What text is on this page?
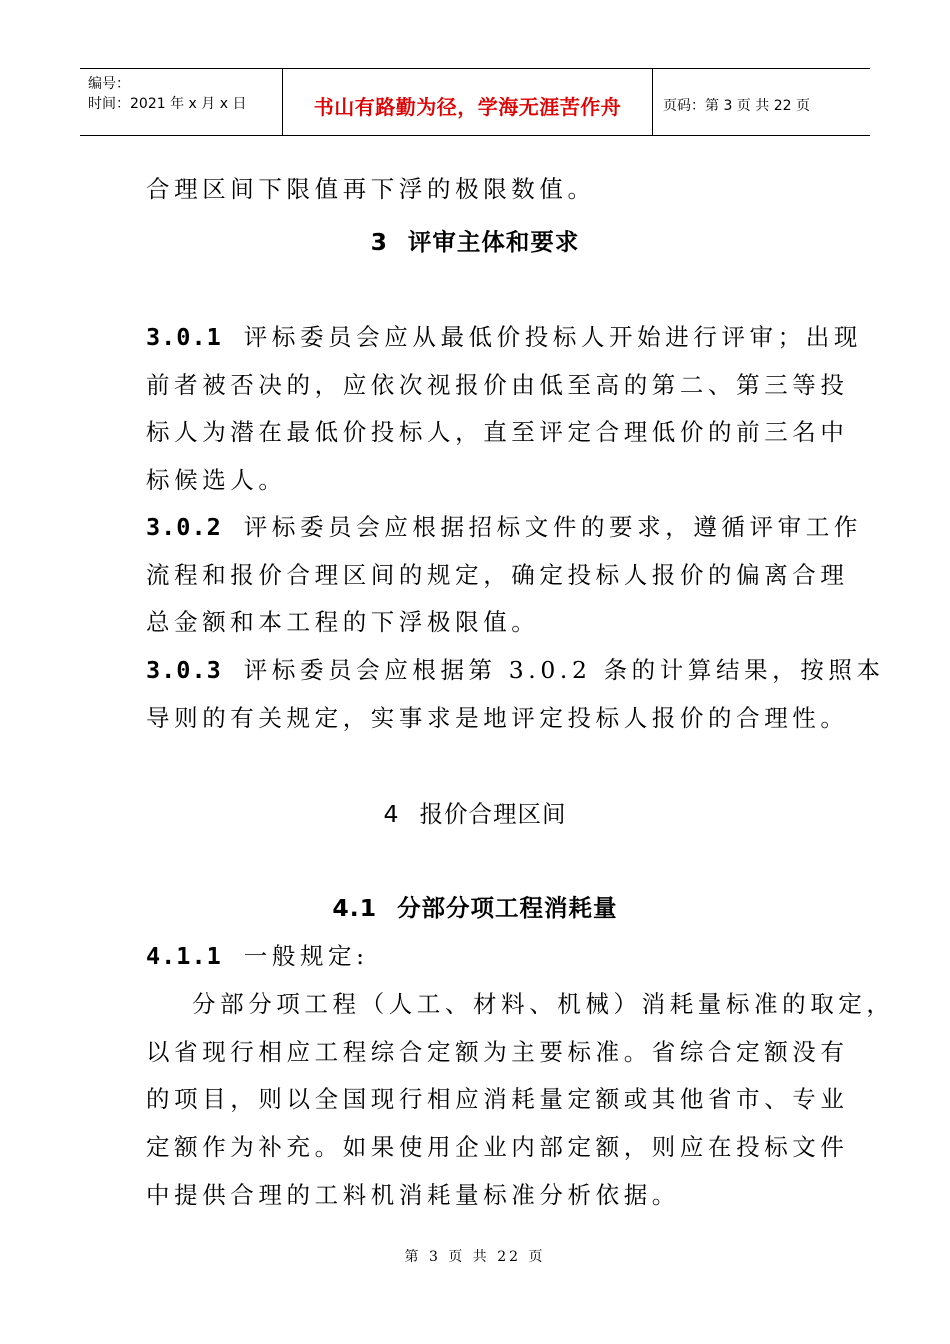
编号：
时间：2021 年 x 月 x 日	书山有路勤为径，学海无涯苦作舟	页码：第 3 页 共 22 页
合理区间下限值再下浮的极限数值。
3 评审主体和要求
3.0.1 评标委员会应从最低价投标人开始进行评审；出现
前者被否决的，应依次视报价由低至高的第二、第三等投
标人为潜在最低价投标人，直至评定合理低价的前三名中
标候选人。
3.0.2 评标委员会应根据招标文件的要求，遵循评审工作
流程和报价合理区间的规定，确定投标人报价的偏离合理
总金额和本工程的下浮极限值。
3.0.3 评标委员会应根据第 3.0.2 条的计算结果，按照本
导则的有关规定，实事求是地评定投标人报价的合理性。
4 报价合理区间
4.1 分部分项工程消耗量
4.1.1 一般规定:
分部分项工程（人工、材料、机械）消耗量标准的取定，
以省现行相应工程综合定额为主要标准。省综合定额没有
的项目，则以全国现行相应消耗量定额或其他省市、专业
定额作为补充。如果使用企业内部定额，则应在投标文件
中提供合理的工料机消耗量标准分析依据。
第 3 页 共 22 页
